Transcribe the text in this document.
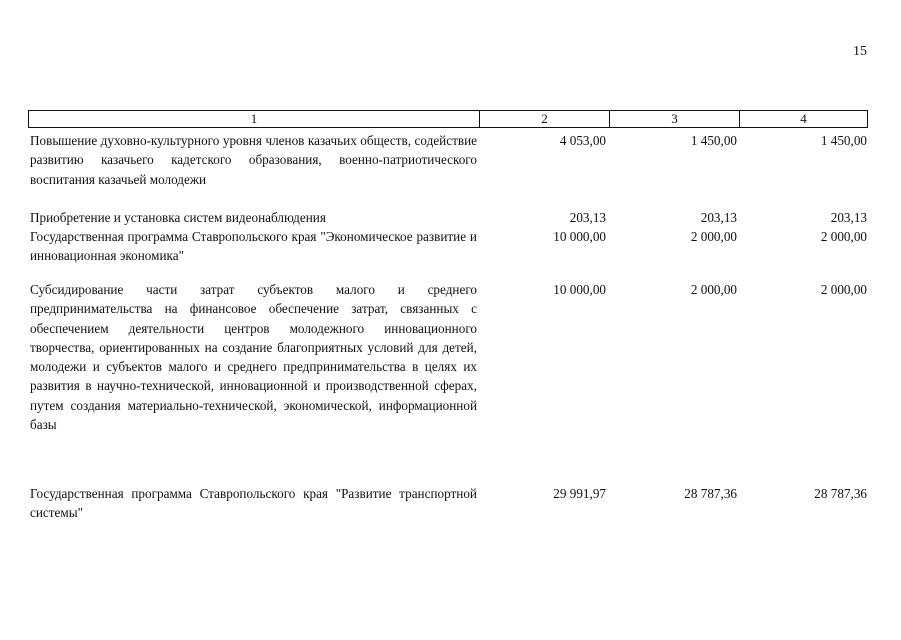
15
1	2	3	4
Повышение духовно-культурного уровня членов казачьих обществ, содействие развитию казачьего кадетского образования, военно-патриотического воспитания казачьей молодежи
4 053,00	1 450,00	1 450,00
Приобретение и установка систем видеонаблюдения	203,13	203,13	203,13
Государственная программа Ставропольского края "Экономическое развитие и инновационная экономика"
10 000,00	2 000,00	2 000,00
Субсидирование части затрат субъектов малого и среднего предпринимательства на финансовое обеспечение затрат, связанных с обеспечением деятельности центров молодежного инновационного творчества, ориентированных на создание благоприятных условий для детей, молодежи и субъектов малого и среднего предпринимательства в целях их развития в научно-технической, инновационной и производственной сферах, путем создания материально-технической, экономической, информационной базы
10 000,00	2 000,00	2 000,00
Государственная программа Ставропольского края "Развитие транспортной системы"
29 991,97	28 787,36	28 787,36
